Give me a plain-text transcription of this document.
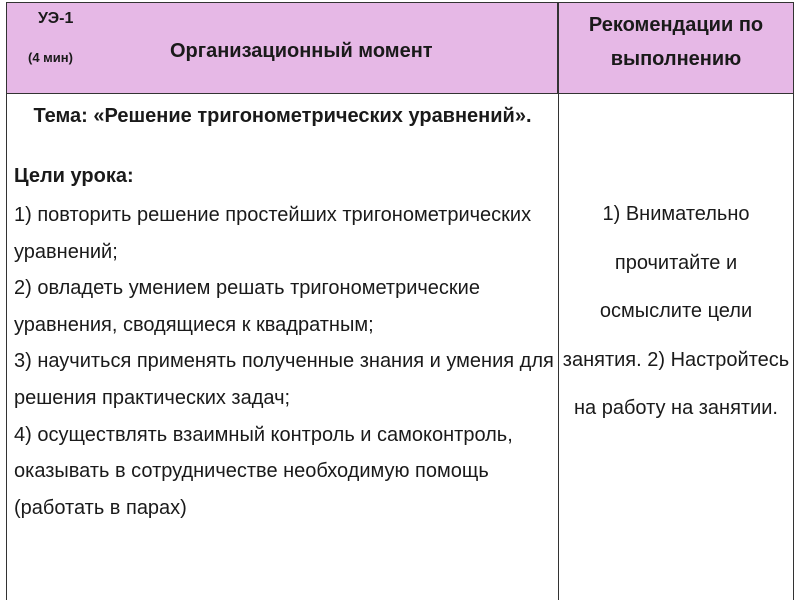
УЭ-1
(4 мин)	Организационный момент
Рекомендации по выполнению
Тема: «Решение тригонометрических уравнений».
Цели урока:
1) повторить решение простейших тригонометрических уравнений;
2) овладеть умением решать тригонометрические уравнения, сводящиеся к квадратным;
3) научиться применять полученные знания и умения для решения практических задач;
4) осуществлять взаимный контроль и самоконтроль, оказывать в сотрудничестве необходимую помощь (работать в парах)
1) Внимательно прочитайте и осмыслите цели занятия. 2) Настройтесь на работу на занятии.
